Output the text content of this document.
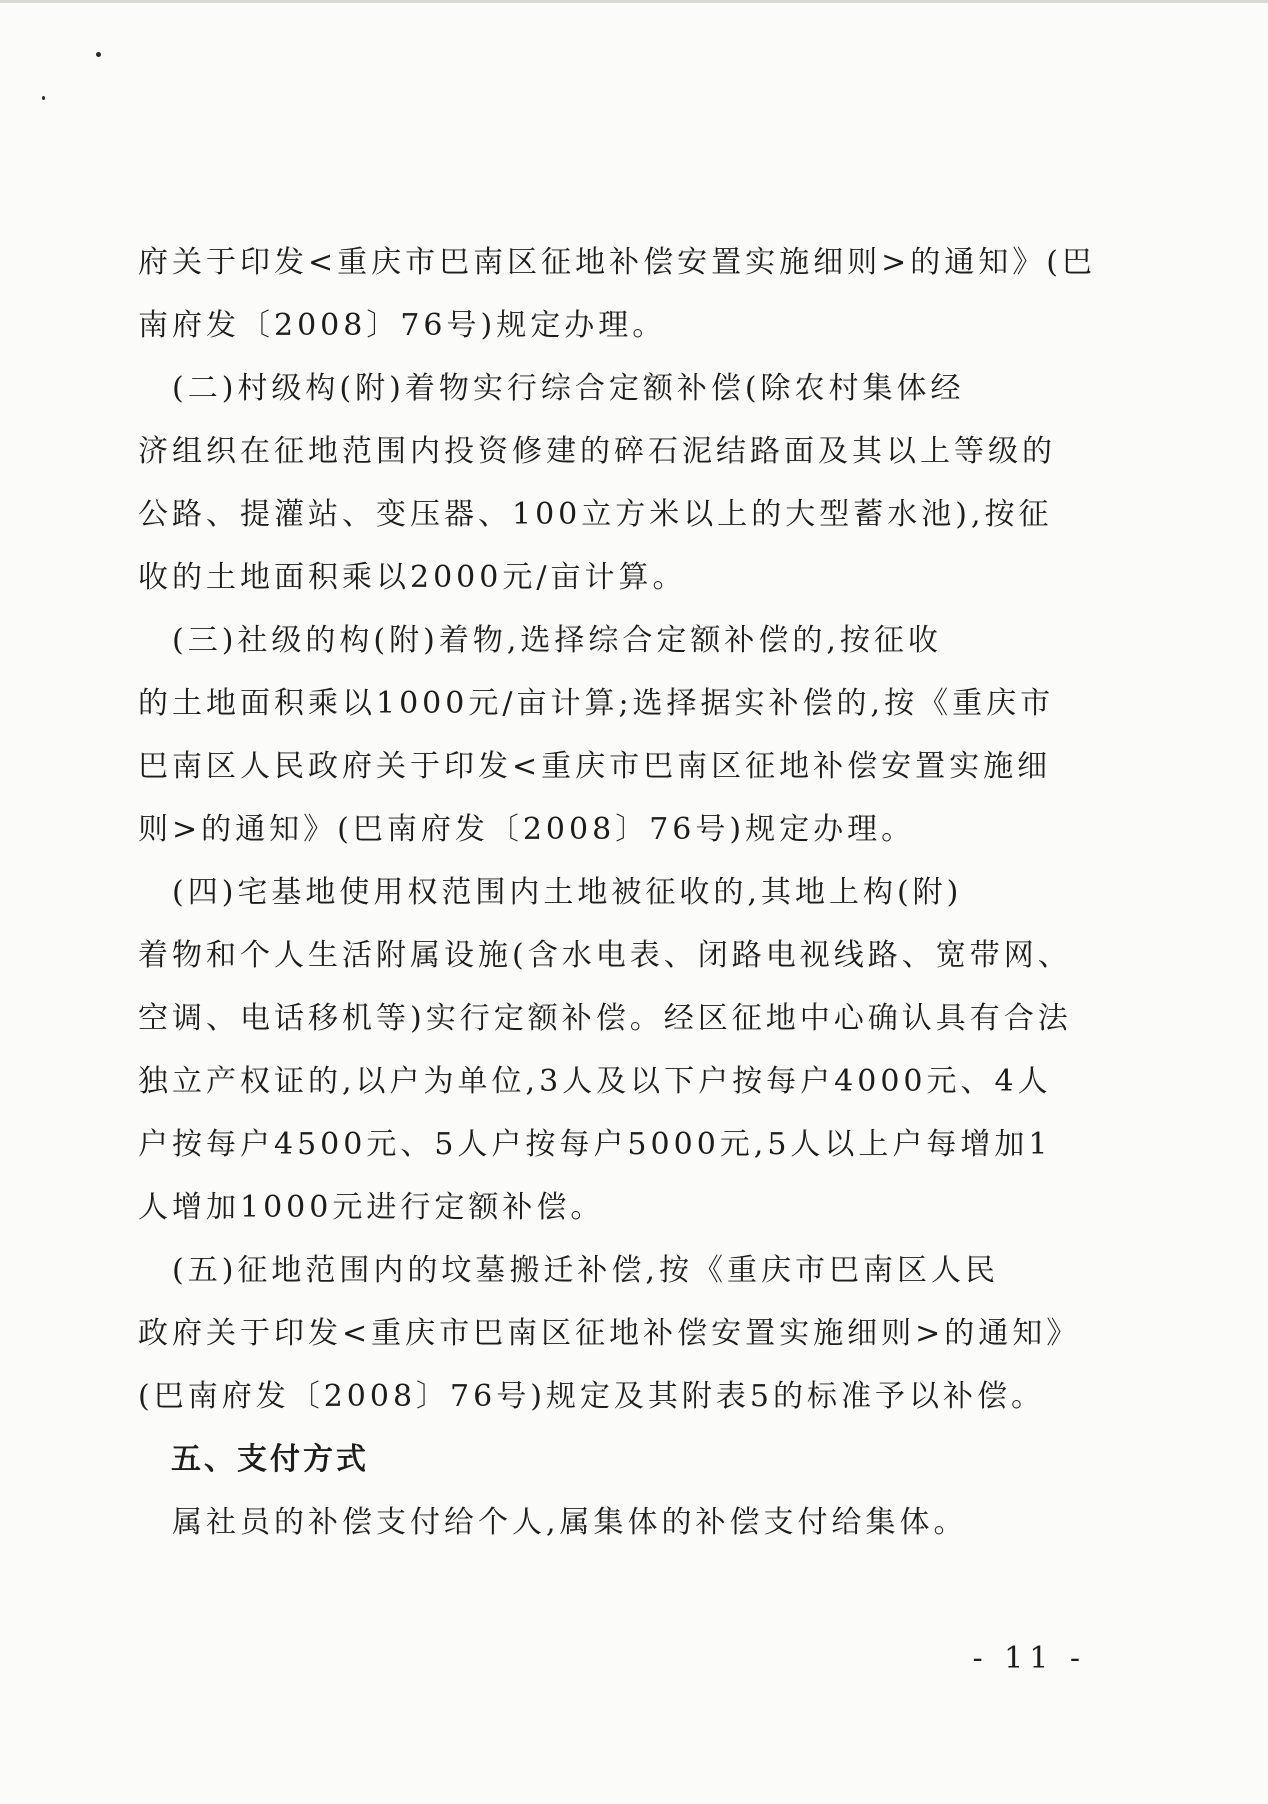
府关于印发<重庆市巴南区征地补偿安置实施细则>的通知》(巴
南府发〔2008〕76号)规定办理。
　(二)村级构(附)着物实行综合定额补偿(除农村集体经
济组织在征地范围内投资修建的碎石泥结路面及其以上等级的
公路、提灌站、变压器、100立方米以上的大型蓄水池),按征
收的土地面积乘以2000元/亩计算。
　(三)社级的构(附)着物,选择综合定额补偿的,按征收
的土地面积乘以1000元/亩计算;选择据实补偿的,按《重庆市
巴南区人民政府关于印发<重庆市巴南区征地补偿安置实施细
则>的通知》(巴南府发〔2008〕76号)规定办理。
　(四)宅基地使用权范围内土地被征收的,其地上构(附)
着物和个人生活附属设施(含水电表、闭路电视线路、宽带网、
空调、电话移机等)实行定额补偿。经区征地中心确认具有合法
独立产权证的,以户为单位,3人及以下户按每户4000元、4人
户按每户4500元、5人户按每户5000元,5人以上户每增加1
人增加1000元进行定额补偿。
　(五)征地范围内的坟墓搬迁补偿,按《重庆市巴南区人民
政府关于印发<重庆市巴南区征地补偿安置实施细则>的通知》
(巴南府发〔2008〕76号)规定及其附表5的标准予以补偿。
　五、支付方式
　属社员的补偿支付给个人,属集体的补偿支付给集体。
- 11 -
